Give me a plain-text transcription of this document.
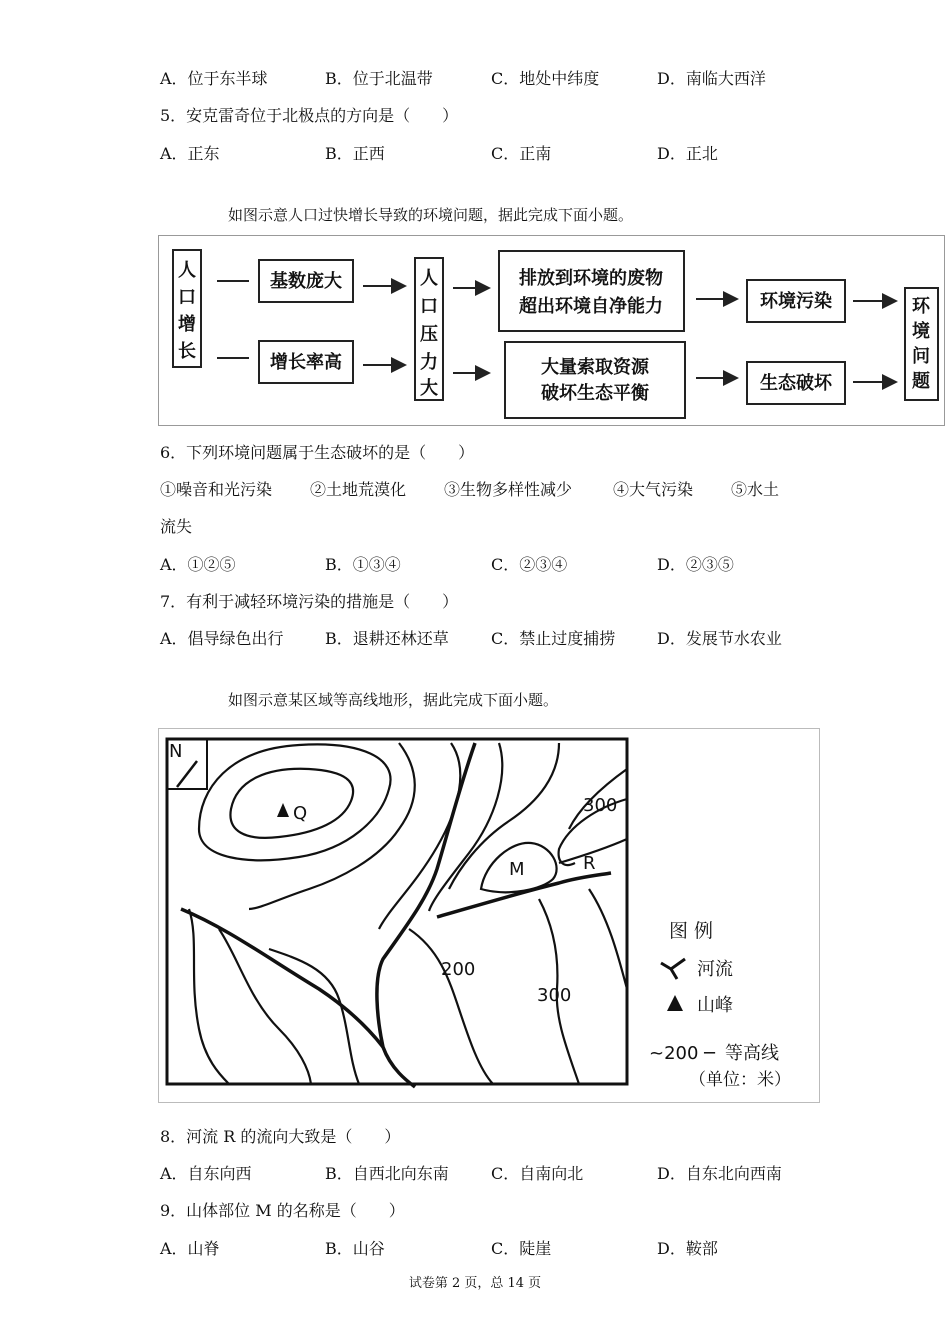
A．位于东半球	B．位于北温带	C．地处中纬度	D．南临大西洋
5．安克雷奇位于北极点的方向是（　　）
A．正东	B．正西	C．正南	D．正北
如图示意人口过快增长导致的环境问题，据此完成下面小题。
人
口
增
长
基数庞大
增长率高
人
口
压
力
大
排放到环境的废物
超出环境自净能力
大量索取资源
破坏生态平衡
环境污染
生态破坏
环
境
问
题
6．下列环境问题属于生态破坏的是（　　）
①噪音和光污染 ②土地荒漠化 ③生物多样性减少	④大气污染 ⑤水土
流失
A．①②⑤	B．①③④	C．②③④	D．②③⑤
7．有利于减轻环境污染的措施是（　　）
A．倡导绿色出行	B．退耕还林还草	C．禁止过度捕捞	D．发展节水农业
如图示意某区域等高线地形，据此完成下面小题。
N
Q
M	R
300
200
300
图 例
河流
山峰
~200 ─ 等高线
（单位：米）
8．河流 R 的流向大致是（　　）
A．自东向西	B．自西北向东南	C．自南向北	D．自东北向西南
9．山体部位 M 的名称是（　　）
A．山脊	B．山谷	C．陡崖	D．鞍部
试卷第 2 页，总 14 页
